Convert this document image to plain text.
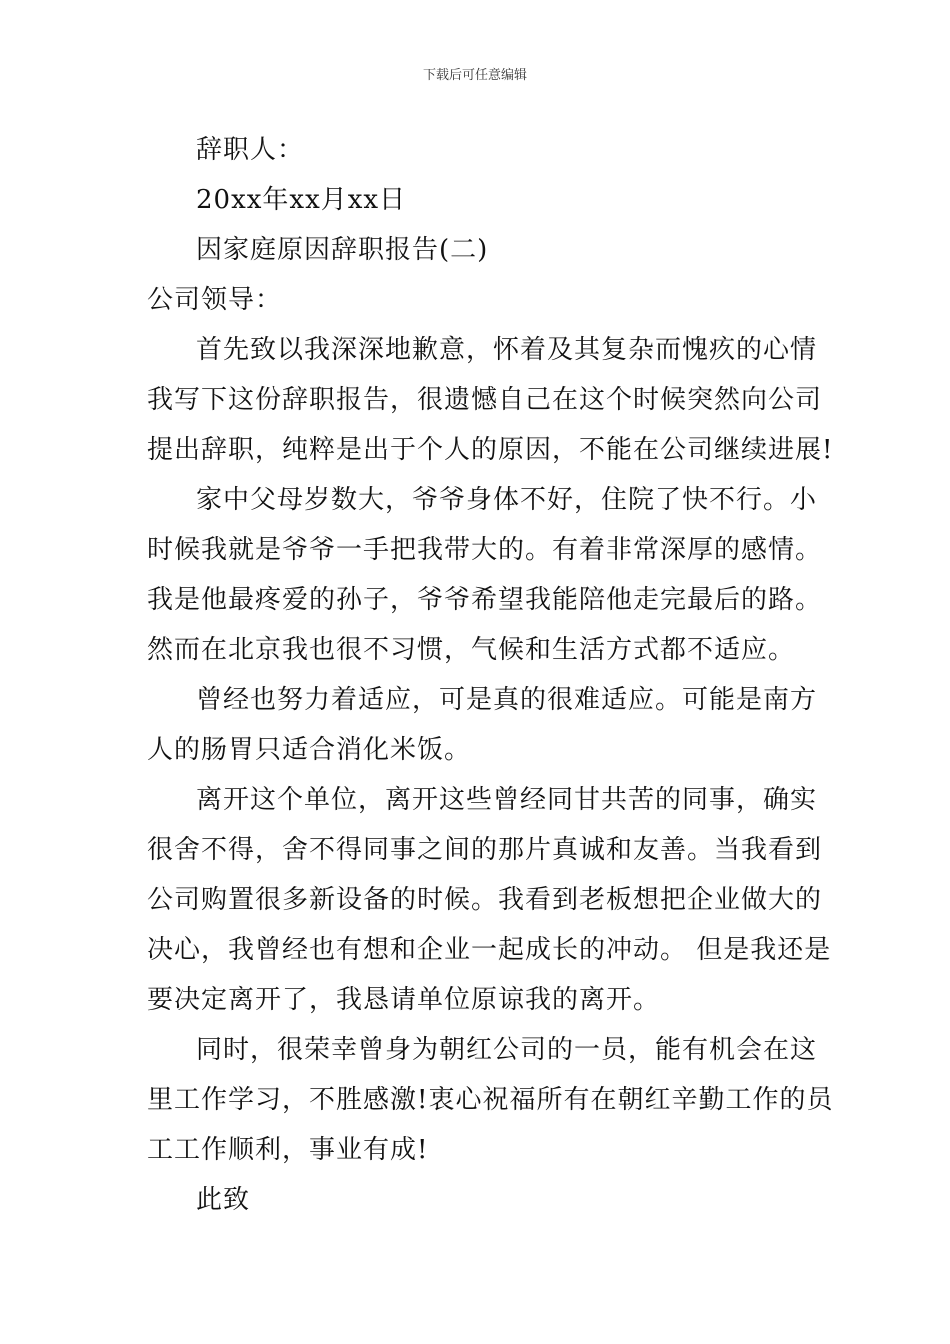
下载后可任意编辑
辞职人：
20xx年xx月xx日
因家庭原因辞职报告(二)
公司领导：
首先致以我深深地歉意，怀着及其复杂而愧疚的心情
我写下这份辞职报告，很遗憾自己在这个时候突然向公司
提出辞职，纯粹是出于个人的原因，不能在公司继续进展!
家中父母岁数大，爷爷身体不好，住院了快不行。小
时候我就是爷爷一手把我带大的。有着非常深厚的感情。
我是他最疼爱的孙子，爷爷希望我能陪他走完最后的路。
然而在北京我也很不习惯，气候和生活方式都不适应。
曾经也努力着适应，可是真的很难适应。可能是南方
人的肠胃只适合消化米饭。
离开这个单位，离开这些曾经同甘共苦的同事，确实
很舍不得，舍不得同事之间的那片真诚和友善。当我看到
公司购置很多新设备的时候。我看到老板想把企业做大的
决心，我曾经也有想和企业一起成长的冲动。 但是我还是
要决定离开了，我恳请单位原谅我的离开。
同时，很荣幸曾身为朝红公司的一员，能有机会在这
里工作学习，不胜感激!衷心祝福所有在朝红辛勤工作的员
工工作顺利，事业有成!
此致
